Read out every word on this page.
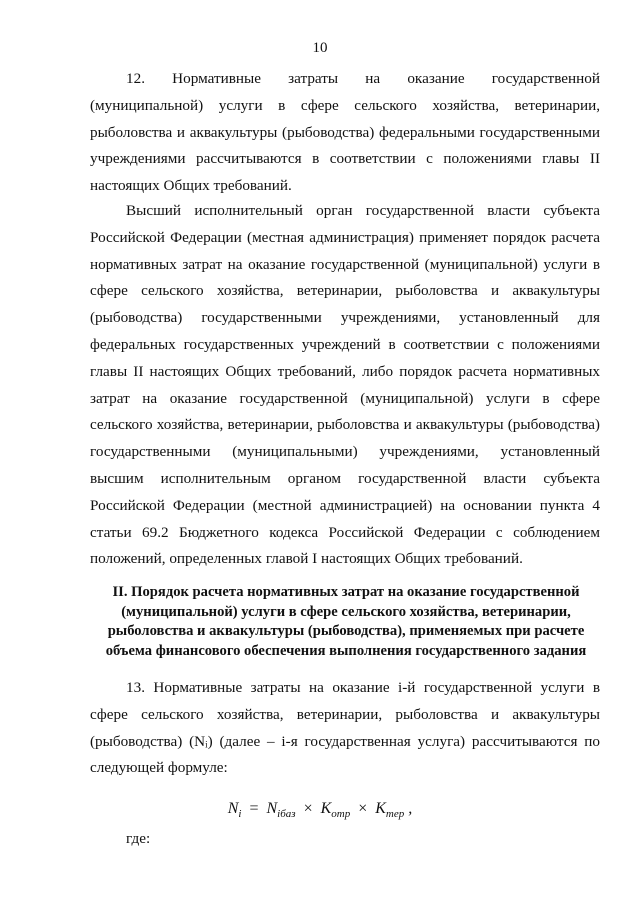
10

12. Нормативные затраты на оказание государственной (муниципальной) услуги в сфере сельского хозяйства, ветеринарии, рыболовства и аквакультуры (рыбоводства) федеральными государственными учреждениями рассчитываются в соответствии с положениями главы II настоящих Общих требований.

Высший исполнительный орган государственной власти субъекта Российской Федерации (местная администрация) применяет порядок расчета нормативных затрат на оказание государственной (муниципальной) услуги в сфере сельского хозяйства, ветеринарии, рыболовства и аквакультуры (рыбоводства) государственными учреждениями, установленный для федеральных государственных учреждений в соответствии с положениями главы II настоящих Общих требований, либо порядок расчета нормативных затрат на оказание государственной (муниципальной) услуги в сфере сельского хозяйства, ветеринарии, рыболовства и аквакультуры (рыбоводства) государственными (муниципальными) учреждениями, установленный высшим исполнительным органом государственной власти субъекта Российской Федерации (местной администрацией) на основании пункта 4 статьи 69.2 Бюджетного кодекса Российской Федерации с соблюдением положений, определенных главой I настоящих Общих требований.

II. Порядок расчета нормативных затрат на оказание государственной (муниципальной) услуги в сфере сельского хозяйства, ветеринарии, рыболовства и аквакультуры (рыбоводства), применяемых при расчете объема финансового обеспечения выполнения государственного задания

13. Нормативные затраты на оказание i-й государственной услуги в сфере сельского хозяйства, ветеринарии, рыболовства и аквакультуры (рыбоводства) (Nᵢ) (далее – i-я государственная услуга) рассчитываются по следующей формуле:

$N_i = N_{iбаз} \times K_{отр} \times K_{тер}$ ,
где:
